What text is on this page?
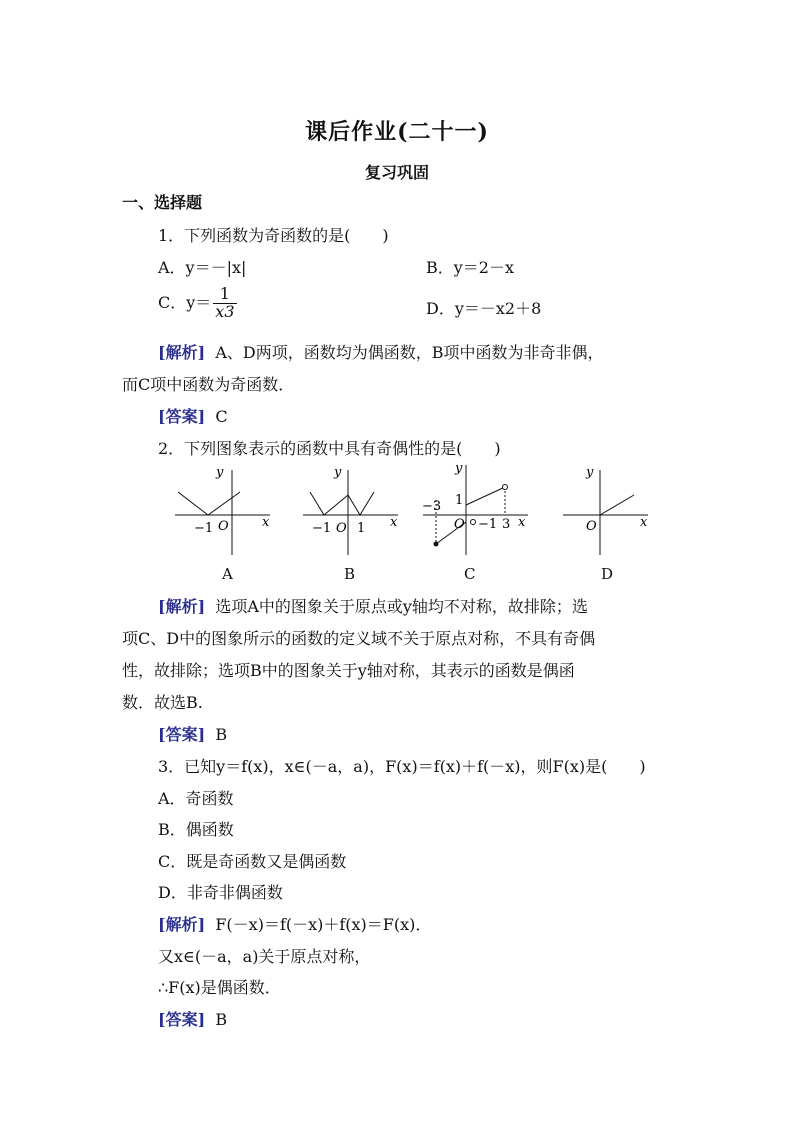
课后作业(二十一)
复习巩固
一、选择题
1．下列函数为奇函数的是(　　)
A．y＝－|x|	B．y＝2－x
C．$y= \frac{1}{x3}$	D．y＝－x2＋8
[解析] A、D两项，函数均为偶函数，B项中函数为非奇非偶，
而C项中函数为奇函数．
[答案] C
2．下列图象表示的函数中具有奇偶性的是(　　)
y
x
O
−1
y
x
−1 O 1
y
x
O
−3 1
−1 3
y
x
O
A	B	C	D
[解析] 选项A中的图象关于原点或y轴均不对称，故排除；选
项C、D中的图象所示的函数的定义域不关于原点对称，不具有奇偶
性，故排除；选项B中的图象关于y轴对称，其表示的函数是偶函
数．故选B.
[答案] B
3．已知y＝f(x)，x∈(－a，a)，F(x)＝f(x)＋f(－x)，则F(x)是(　　)
A．奇函数
B．偶函数
C．既是奇函数又是偶函数
D．非奇非偶函数
[解析] F(－x)＝f(－x)＋f(x)＝F(x)．
又x∈(－a，a)关于原点对称，
∴F(x)是偶函数．
[答案] B
